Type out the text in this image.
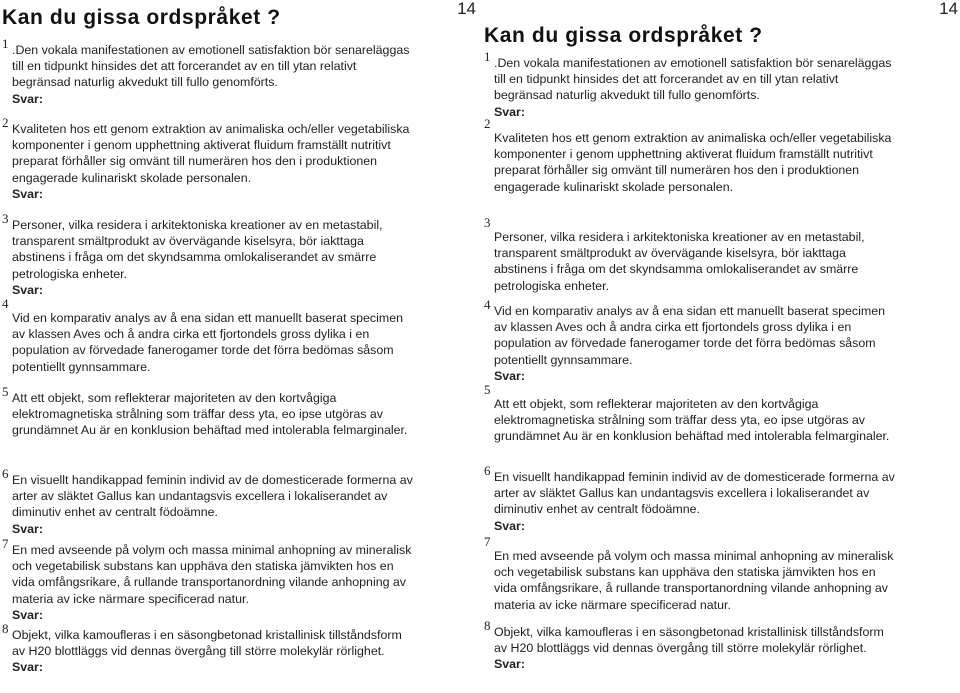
14
Kan du gissa ordspråket ?
1 .Den vokala manifestationen av emotionell satisfaktion bör senareläggas till en tidpunkt hinsides det att forcerandet av en till ytan relativt begränsad naturlig akvedukt till fullo genomförts.

Svar:

2 Kvaliteten hos ett genom extraktion av animaliska och/eller vegetabiliska komponenter i genom upphettning aktiverat fluidum framställt nutritivt preparat förhåller sig omvänt till numerären hos den i produktionen engagerade kulinariskt skolade personalen.

Svar:

3 Personer, vilka residera i arkitektoniska kreationer av en metastabil, transparent smältprodukt av övervägande kiselsyra, bör iakttaga abstinens i fråga om det skyndsamma omlokaliserandet av smärre petrologiska enheter.

Svar:

4

Vid en komparativ analys av å ena sidan ett manuellt baserat specimen av klassen Aves och å andra cirka ett fjortondels gross dylika i en population av förvedade fanerogamer torde det förra bedömas såsom potentiellt gynnsammare.

5 Att ett objekt, som reflekterar majoriteten av den kortvågiga elektromagnetiska strålning som träffar dess yta, eo ipse utgöras av grundämnet Au är en konklusion behäftad med intolerabla felmarginaler.

6 En visuellt handikappad feminin individ av de domesticerade formerna av arter av släktet Gallus kan undantagsvis excellera i lokaliserandet av diminutiv enhet av centralt födoämne.

Svar:

7 En med avseende på volym och massa minimal anhopning av mineralisk och vegetabilisk substans kan upphäva den statiska jämvikten hos en vida omfångsrikare, å rullande transportanordning vilande anhopning av materia av icke närmare specificerad natur.

Svar:

8 Objekt, vilka kamoufleras i en säsongbetonad kristallinisk tillståndsform av H20 blottläggs vid dennas övergång till större molekylär rörlighet.

Svar:

14
Kan du gissa ordspråket ?
1 .Den vokala manifestationen av emotionell satisfaktion bör senareläggas till en tidpunkt hinsides det att forcerandet av en till ytan relativt begränsad naturlig akvedukt till fullo genomförts.

Svar:

2

Kvaliteten hos ett genom extraktion av animaliska och/eller vegetabiliska komponenter i genom upphettning aktiverat fluidum framställt nutritivt preparat förhåller sig omvänt till numerären hos den i produktionen engagerade kulinariskt skolade personalen.

3

Personer, vilka residera i arkitektoniska kreationer av en metastabil, transparent smältprodukt av övervägande kiselsyra, bör iakttaga abstinens i fråga om det skyndsamma omlokaliserandet av smärre petrologiska enheter.

4 Vid en komparativ analys av å ena sidan ett manuellt baserat specimen av klassen Aves och å andra cirka ett fjortondels gross dylika i en population av förvedade fanerogamer torde det förra bedömas såsom potentiellt gynnsammare.

Svar:

5

Att ett objekt, som reflekterar majoriteten av den kortvågiga elektromagnetiska strålning som träffar dess yta, eo ipse utgöras av grundämnet Au är en konklusion behäftad med intolerabla felmarginaler.

6 En visuellt handikappad feminin individ av de domesticerade formerna av arter av släktet Gallus kan undantagsvis excellera i lokaliserandet av diminutiv enhet av centralt födoämne.

Svar:

7

En med avseende på volym och massa minimal anhopning av mineralisk och vegetabilisk substans kan upphäva den statiska jämvikten hos en vida omfångsrikare, å rullande transportanordning vilande anhopning av materia av icke närmare specificerad natur.

8 Objekt, vilka kamoufleras i en säsongbetonad kristallinisk tillståndsform av H20 blottläggs vid dennas övergång till större molekylär rörlighet.

Svar:
